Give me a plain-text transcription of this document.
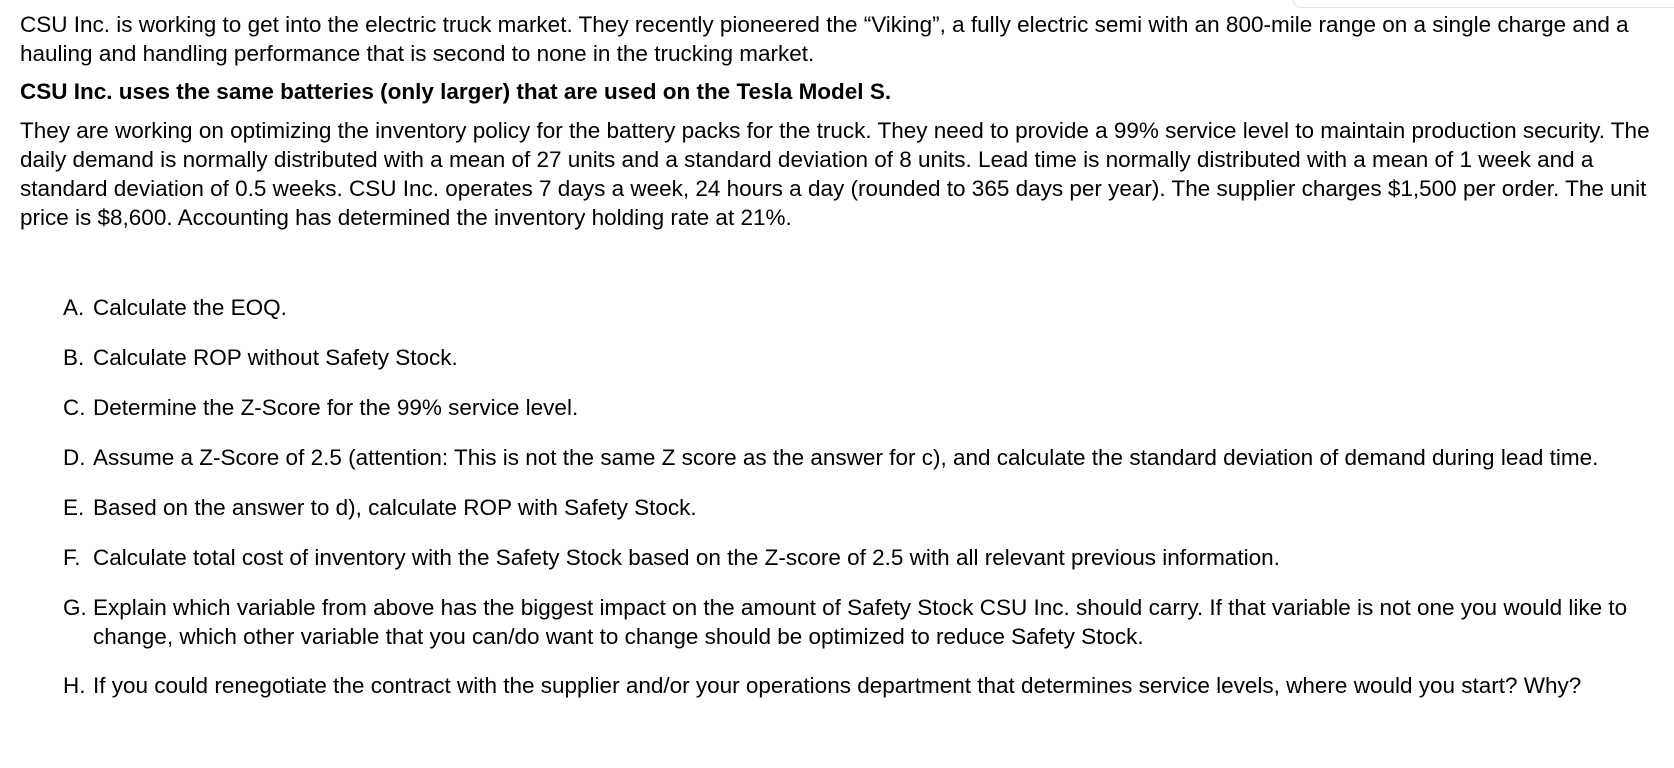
CSU Inc. is working to get into the electric truck market. They recently pioneered the “Viking”, a fully electric semi with an 800-mile range on a single charge and a hauling and handling performance that is second to none in the trucking market.

CSU Inc. uses the same batteries (only larger) that are used on the Tesla Model S.

They are working on optimizing the inventory policy for the battery packs for the truck. They need to provide a 99% service level to maintain production security. The daily demand is normally distributed with a mean of 27 units and a standard deviation of 8 units. Lead time is normally distributed with a mean of 1 week and a standard deviation of 0.5 weeks. CSU Inc. operates 7 days a week, 24 hours a day (rounded to 365 days per year). The supplier charges $1,500 per order. The unit price is $8,600. Accounting has determined the inventory holding rate at 21%.

A. Calculate the EOQ.
B. Calculate ROP without Safety Stock.
C. Determine the Z-Score for the 99% service level.
D. Assume a Z-Score of 2.5 (attention: This is not the same Z score as the answer for c), and calculate the standard deviation of demand during lead time.
E. Based on the answer to d), calculate ROP with Safety Stock.
F. Calculate total cost of inventory with the Safety Stock based on the Z-score of 2.5 with all relevant previous information.
G. Explain which variable from above has the biggest impact on the amount of Safety Stock CSU Inc. should carry. If that variable is not one you would like to change, which other variable that you can/do want to change should be optimized to reduce Safety Stock.
H. If you could renegotiate the contract with the supplier and/or your operations department that determines service levels, where would you start? Why?
